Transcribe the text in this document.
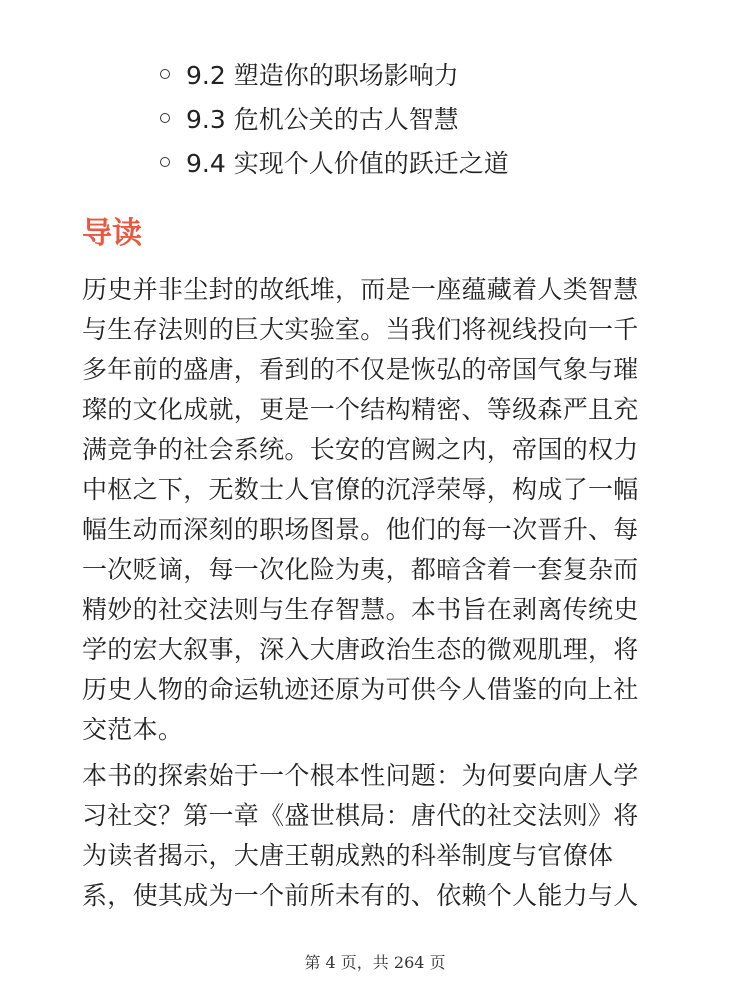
9.2 塑造你的职场影响力
9.3 危机公关的古人智慧
9.4 实现个人价值的跃迁之道
导读
历史并非尘封的故纸堆，而是一座蕴藏着人类智慧
与生存法则的巨大实验室。当我们将视线投向一千
多年前的盛唐，看到的不仅是恢弘的帝国气象与璀
璨的文化成就，更是一个结构精密、等级森严且充
满竞争的社会系统。长安的宫阙之内，帝国的权力
中枢之下，无数士人官僚的沉浮荣辱，构成了一幅
幅生动而深刻的职场图景。他们的每一次晋升、每
一次贬谪，每一次化险为夷，都暗含着一套复杂而
精妙的社交法则与生存智慧。本书旨在剥离传统史
学的宏大叙事，深入大唐政治生态的微观肌理，将
历史人物的命运轨迹还原为可供今人借鉴的向上社
交范本。
本书的探索始于一个根本性问题：为何要向唐人学
习社交？第一章《盛世棋局：唐代的社交法则》将
为读者揭示，大唐王朝成熟的科举制度与官僚体
系，使其成为一个前所未有的、依赖个人能力与人
第 4 页，共 264 页
